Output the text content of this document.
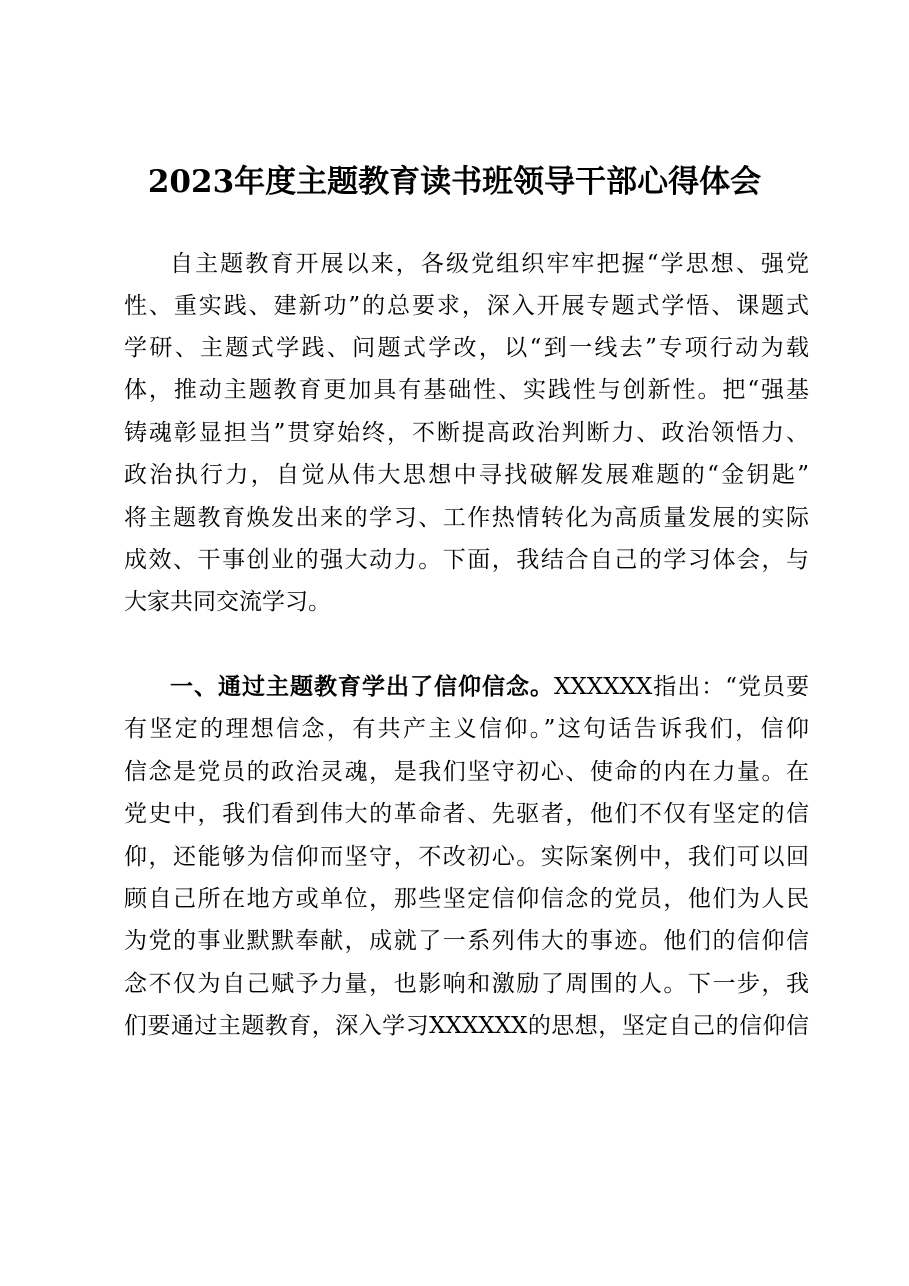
2023年度主题教育读书班领导干部心得体会
自主题教育开展以来，各级党组织牢牢把握“学思想、强党
性、重实践、建新功”的总要求，深入开展专题式学悟、课题式
学研、主题式学践、问题式学改，以“到一线去”专项行动为载
体，推动主题教育更加具有基础性、实践性与创新性。把“强基
铸魂彰显担当”贯穿始终，不断提高政治判断力、政治领悟力、
政治执行力，自觉从伟大思想中寻找破解发展难题的“金钥匙”
将主题教育焕发出来的学习、工作热情转化为高质量发展的实际
成效、干事创业的强大动力。下面，我结合自己的学习体会，与
大家共同交流学习。
一、通过主题教育学出了信仰信念。XXXXXX指出：“党员要
有坚定的理想信念，有共产主义信仰。”这句话告诉我们，信仰
信念是党员的政治灵魂，是我们坚守初心、使命的内在力量。在
党史中，我们看到伟大的革命者、先驱者，他们不仅有坚定的信
仰，还能够为信仰而坚守，不改初心。实际案例中，我们可以回
顾自己所在地方或单位，那些坚定信仰信念的党员，他们为人民
为党的事业默默奉献，成就了一系列伟大的事迹。他们的信仰信
念不仅为自己赋予力量，也影响和激励了周围的人。下一步，我
们要通过主题教育，深入学习XXXXXX的思想，坚定自己的信仰信
